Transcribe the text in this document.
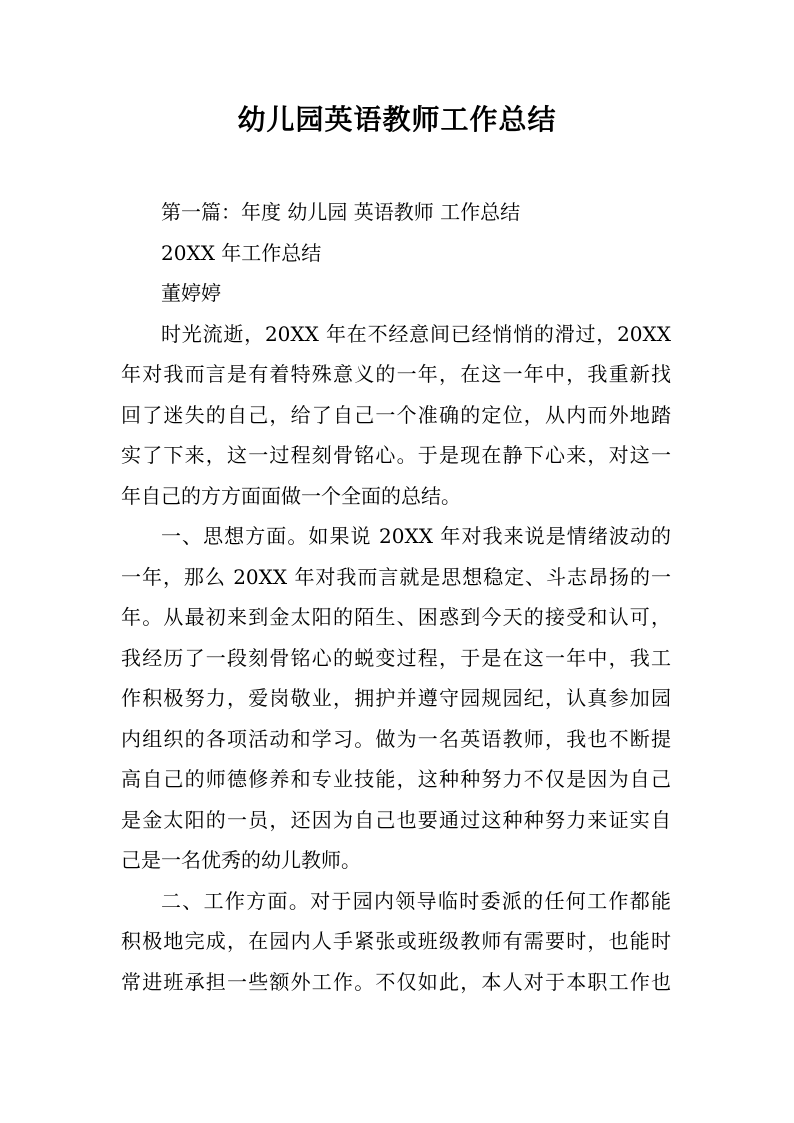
幼儿园英语教师工作总结
第一篇：年度 幼儿园 英语教师 工作总结
20XX 年工作总结
董婷婷
时光流逝，20XX 年在不经意间已经悄悄的滑过，20XX
年对我而言是有着特殊意义的一年，在这一年中，我重新找
回了迷失的自己，给了自己一个准确的定位，从内而外地踏
实了下来，这一过程刻骨铭心。于是现在静下心来，对这一
年自己的方方面面做一个全面的总结。
一、思想方面。如果说 20XX 年对我来说是情绪波动的
一年，那么 20XX 年对我而言就是思想稳定、斗志昂扬的一
年。从最初来到金太阳的陌生、困惑到今天的接受和认可，
我经历了一段刻骨铭心的蜕变过程，于是在这一年中，我工
作积极努力，爱岗敬业，拥护并遵守园规园纪，认真参加园
内组织的各项活动和学习。做为一名英语教师，我也不断提
高自己的师德修养和专业技能，这种种努力不仅是因为自己
是金太阳的一员，还因为自己也要通过这种种努力来证实自
己是一名优秀的幼儿教师。
二、工作方面。对于园内领导临时委派的任何工作都能
积极地完成，在园内人手紧张或班级教师有需要时，也能时
常进班承担一些额外工作。不仅如此，本人对于本职工作也
